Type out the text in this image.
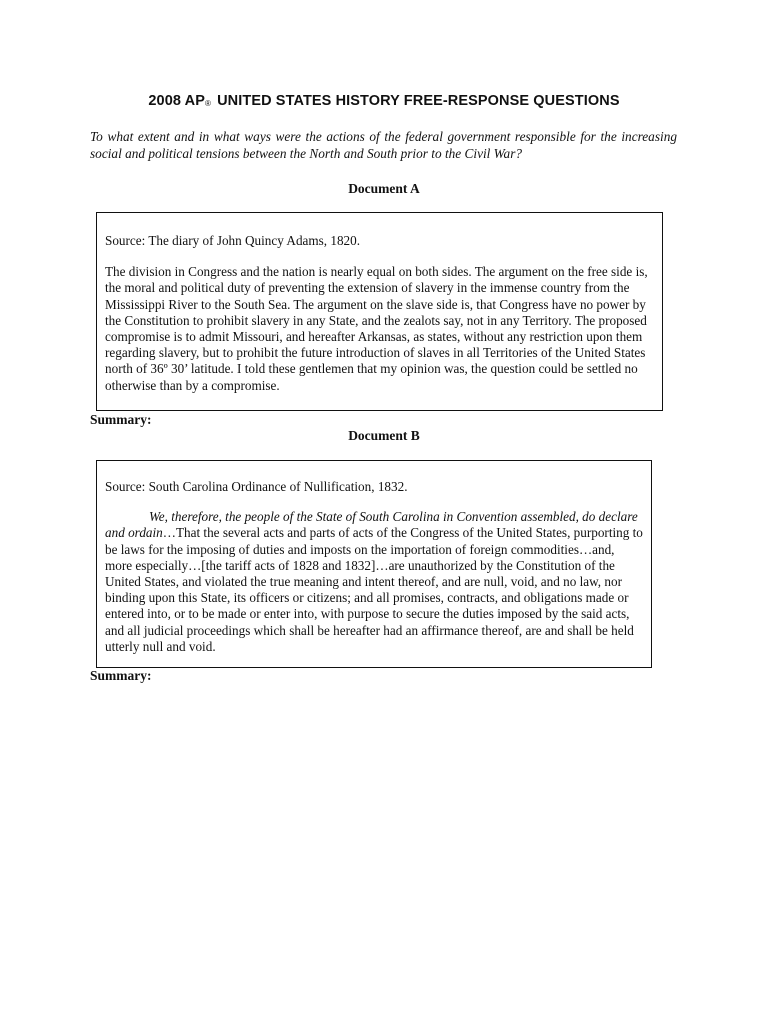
2008 AP® UNITED STATES HISTORY FREE-RESPONSE QUESTIONS
To what extent and in what ways were the actions of the federal government responsible for the increasing social and political tensions between the North and South prior to the Civil War?
Document A

Source: The diary of John Quincy Adams, 1820.

The division in Congress and the nation is nearly equal on both sides. The argument on the free side is, the moral and political duty of preventing the extension of slavery in the immense country from the Mississippi River to the South Sea. The argument on the slave side is, that Congress have no power by the Constitution to prohibit slavery in any State, and the zealots say, not in any Territory. The proposed compromise is to admit Missouri, and hereafter Arkansas, as states, without any restriction upon them regarding slavery, but to prohibit the future introduction of slaves in all Territories of the United States north of 36º 30’ latitude. I told these gentlemen that my opinion was, the question could be settled no otherwise than by a compromise.

Summary:
Document B

Source: South Carolina Ordinance of Nullification, 1832.

We, therefore, the people of the State of South Carolina in Convention assembled, do declare and ordain…That the several acts and parts of acts of the Congress of the United States, purporting to be laws for the imposing of duties and imposts on the importation of foreign commodities…and, more especially…[the tariff acts of 1828 and 1832]…are unauthorized by the Constitution of the United States, and violated the true meaning and intent thereof, and are null, void, and no law, nor binding upon this State, its officers or citizens; and all promises, contracts, and obligations made or entered into, or to be made or enter into, with purpose to secure the duties imposed by the said acts, and all judicial proceedings which shall be hereafter had an affirmance thereof, are and shall be held utterly null and void.

Summary:
